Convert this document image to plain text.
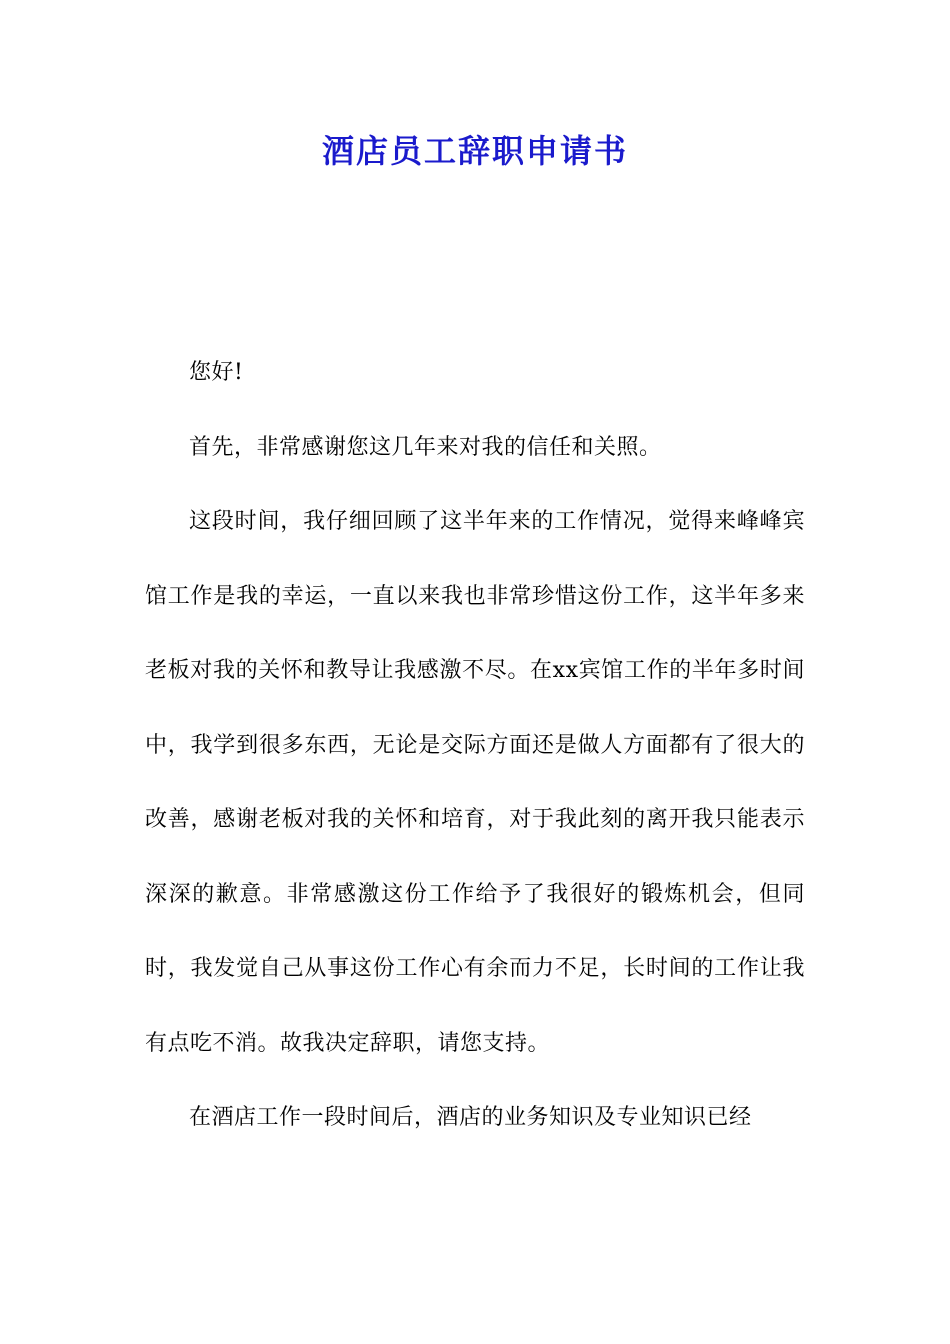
酒店员工辞职申请书

您好!

首先，非常感谢您这几年来对我的信任和关照。

这段时间，我仔细回顾了这半年来的工作情况，觉得来峰峰宾馆工作是我的幸运，一直以来我也非常珍惜这份工作，这半年多来老板对我的关怀和教导让我感激不尽。在xx宾馆工作的半年多时间中，我学到很多东西，无论是交际方面还是做人方面都有了很大的改善，感谢老板对我的关怀和培育，对于我此刻的离开我只能表示深深的歉意。非常感激这份工作给予了我很好的锻炼机会，但同时，我发觉自己从事这份工作心有余而力不足，长时间的工作让我有点吃不消。故我决定辞职，请您支持。

在酒店工作一段时间后，酒店的业务知识及专业知识已经
